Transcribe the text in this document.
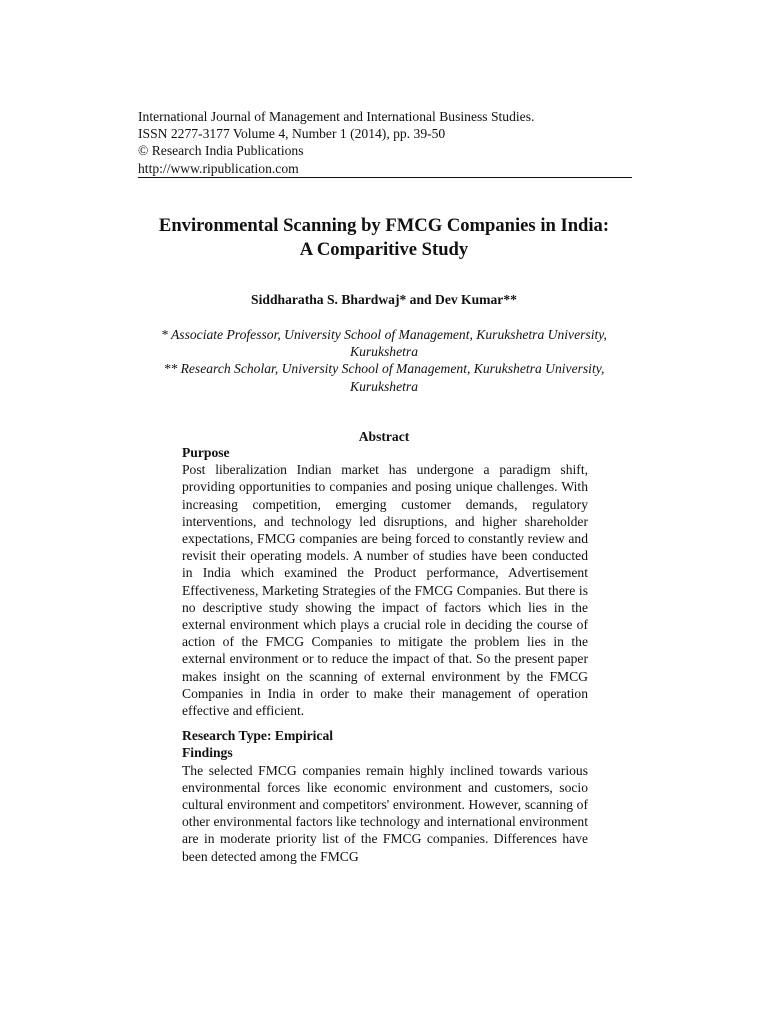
International Journal of Management and International Business Studies.
ISSN 2277-3177 Volume 4, Number 1 (2014), pp. 39-50
© Research India Publications
http://www.ripublication.com
Environmental Scanning by FMCG Companies in India:
A Comparitive Study
Siddharatha S. Bhardwaj* and Dev Kumar**
* Associate Professor, University School of Management, Kurukshetra University,
Kurukshetra
** Research Scholar, University School of Management, Kurukshetra University,
Kurukshetra
Abstract
Purpose

Post liberalization Indian market has undergone a paradigm shift, providing opportunities to companies and posing unique challenges. With increasing competition, emerging customer demands, regulatory interventions, and technology led disruptions, and higher shareholder expectations, FMCG companies are being forced to constantly review and revisit their operating models. A number of studies have been conducted in India which examined the Product performance, Advertisement Effectiveness, Marketing Strategies of the FMCG Companies. But there is no descriptive study showing the impact of factors which lies in the external environment which plays a crucial role in deciding the course of action of the FMCG Companies to mitigate the problem lies in the external environment or to reduce the impact of that. So the present paper makes insight on the scanning of external environment by the FMCG Companies in India in order to make their management of operation effective and efficient.

Research Type: Empirical
Findings

The selected FMCG companies remain highly inclined towards various environmental forces like economic environment and customers, socio cultural environment and competitors' environment. However, scanning of other environmental factors like technology and international environment are in moderate priority list of the FMCG companies. Differences have been detected among the FMCG
